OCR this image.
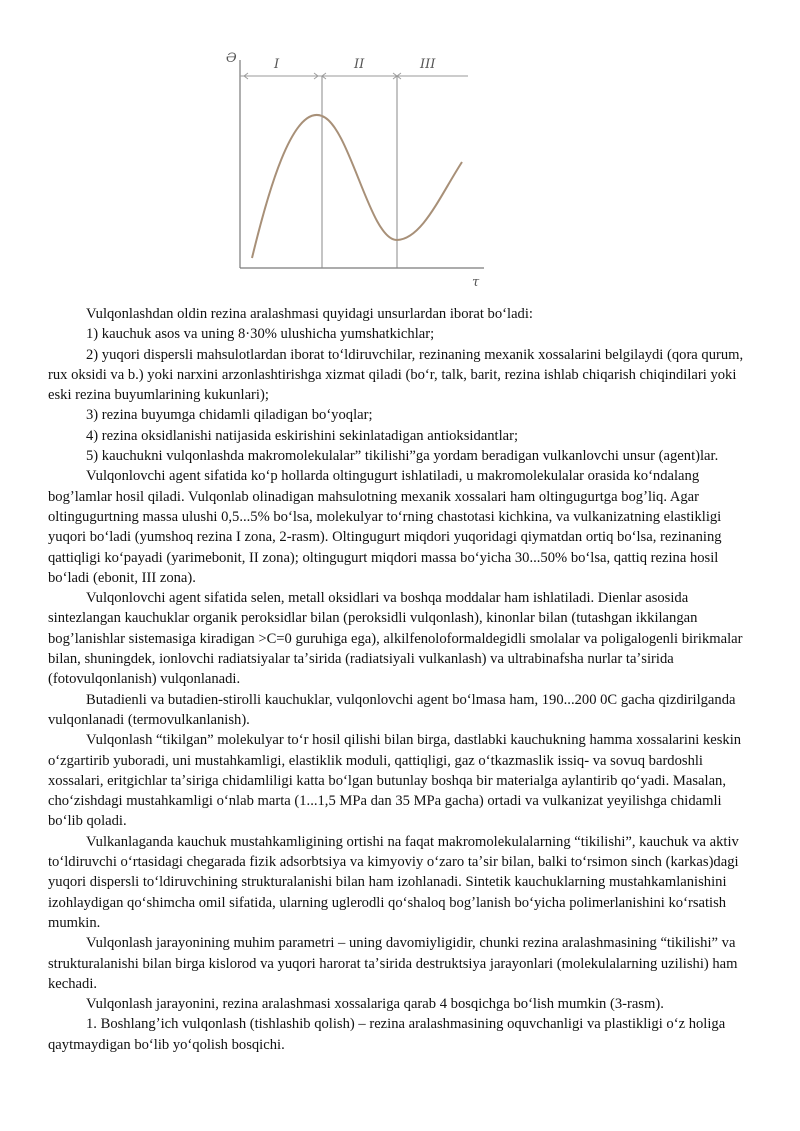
Ə	I	II	III
τ

Vulqonlashdan oldin rezina aralashmasi quyidagi unsurlardan iborat boʻladi:

1) kauchuk asos va uning 8·30% ulushicha yumshatkichlar;

2) yuqori dispersli mahsulotlardan iborat toʻldiruvchilar, rezinaning mexanik xossalarini belgilaydi (qora qurum, rux oksidi va b.) yoki narxini arzonlashtirishga xizmat qiladi (boʻr, talk, barit, rezina ishlab chiqarish chiqindilari yoki eski rezina buyumlarining kukunlari);

3) rezina buyumga chidamli qiladigan boʻyoqlar;

4) rezina oksidlanishi natijasida eskirishini sekinlatadigan antioksidantlar;

5) kauchukni vulqonlashda makromolekulalar” tikilishi”ga yordam beradigan vulkanlovchi unsur (agent)lar.

Vulqonlovchi agent sifatida koʻp hollarda oltingugurt ishlatiladi, u makromolekulalar orasida koʻndalang bogʼlamlar hosil qiladi. Vulqonlab olinadigan mahsulotning mexanik xossalari ham oltingugurtga bogʼliq. Agar oltingugurtning massa ulushi 0,5...5% boʻlsa, molekulyar toʻrning chastotasi kichkina, va vulkanizatning elastikligi yuqori boʻladi (yumshoq rezina I zona, 2-rasm). Oltingugurt miqdori yuqoridagi qiymatdan ortiq boʻlsa, rezinaning qattiqligi koʻpayadi (yarimebonit, II zona); oltingugurt miqdori massa boʻyicha 30...50% boʻlsa, qattiq rezina hosil boʻladi (ebonit, III zona).

Vulqonlovchi agent sifatida selen, metall oksidlari va boshqa moddalar ham ishlatiladi. Dienlar asosida sintezlangan kauchuklar organik peroksidlar bilan (peroksidli vulqonlash), kinonlar bilan (tutashgan ikkilangan bogʼlanishlar sistemasiga kiradigan >C=0 guruhiga ega), alkilfenoloformaldegidli smolalar va poligalogenli birikmalar bilan, shuningdek, ionlovchi radiatsiyalar taʼsirida (radiatsiyali vulkanlash) va ultrabinafsha nurlar taʼsirida (fotovulqonlanish) vulqonlanadi.

Butadienli va butadien-stirolli kauchuklar, vulqonlovchi agent boʻlmasa ham, 190...200 0C gacha qizdirilganda vulqonlanadi (termovulkanlanish).

Vulqonlash “tikilgan” molekulyar toʻr hosil qilishi bilan birga, dastlabki kauchukning hamma xossalarini keskin oʻzgartirib yuboradi, uni mustahkamligi, elastiklik moduli, qattiqligi, gaz oʻtkazmaslik issiq- va sovuq bardoshli xossalari, eritgichlar taʼsiriga chidamliligi katta boʻlgan butunlay boshqa bir materialga aylantirib qoʻyadi. Masalan, choʻzishdagi mustahkamligi oʻnlab marta (1...1,5 MPa dan 35 MPa gacha) ortadi va vulkanizat yeyilishga chidamli boʻlib qoladi.

Vulkanlaganda kauchuk mustahkamligining ortishi na faqat makromolekulalarning “tikilishi”, kauchuk va aktiv toʻldiruvchi oʻrtasidagi chegarada fizik adsorbtsiya va kimyoviy oʻzaro taʼsir bilan, balki toʻrsimon sinch (karkas)dagi yuqori dispersli toʻldiruvchining strukturalanishi bilan ham izohlanadi. Sintetik kauchuklarning mustahkamlanishini izohlaydigan qoʻshimcha omil sifatida, ularning uglerodli qoʻshaloq bogʼlanish boʻyicha polimerlanishini koʻrsatish mumkin.

Vulqonlash jarayonining muhim parametri – uning davomiyligidir, chunki rezina aralashmasining “tikilishi” va strukturalanishi bilan birga kislorod va yuqori harorat taʼsirida destruktsiya jarayonlari (molekulalarning uzilishi) ham kechadi.

Vulqonlash jarayonini, rezina aralashmasi xossalariga qarab 4 bosqichga boʻlish mumkin (3-rasm).

1. Boshlangʼich vulqonlash (tishlashib qolish) – rezina aralashmasining oquvchanligi va plastikligi oʻz holiga qaytmaydigan boʻlib yoʻqolish bosqichi.
